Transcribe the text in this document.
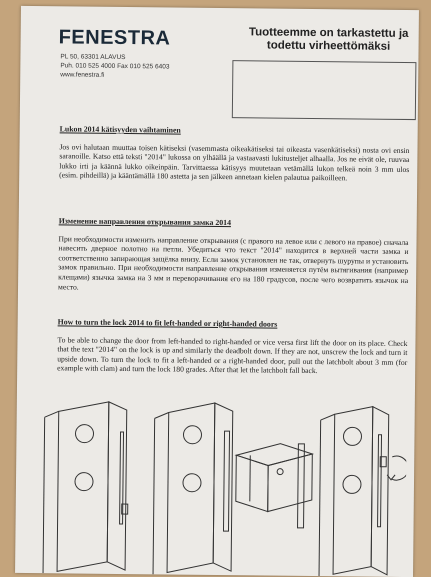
FENESTRA
PL 50, 63301 ALAVUS
Puh. 010 525 4000 Fax 010 525 6403
www.fenestra.fi
Tuotteemme on tarkastettu ja
todettu virheettömäksi
Lukon 2014 kätisyyden vaihtaminen

Jos ovi halutaan muuttaa toisen kätiseksi (vasemmasta oikeakätiseksi tai oikeasta vasenkätiseksi) nosta ovi ensin saranoille. Katso että teksti "2014" lukossa on ylhäällä ja vastaavasti lukitusteljet alhaalla. Jos ne eivät ole, ruuvaa lukko irti ja käännä lukko oikeinpäin. Tarvittaessa kätisyys muutetaan vetämällä lukon telkeä noin 3 mm ulos (esim. pihdeillä) ja kääntämällä 180 astetta ja sen jälkeen annetaan kielen palautua paikoilleen.

Изменение направления открывания замка 2014

При необходимости изменить направление открывания (с правого на левое или с левого на правое) сначала навесить дверное полотно на петли. Убедиться что текст "2014" находится в верхней части замка и соответственно запирающая защёлка внизу. Если замок установлен не так, отвернуть шурупы и установить замок правильно. При необходимости направление открывания изменяется путём вытягивания (например клещами) язычка замка на 3 мм и переворачивания его на 180 градусов, после чего возвратить язычок на место.

How to turn the lock 2014 to fit left-handed or right-handed doors

To be able to change the door from left-handed to right-handed or vice versa first lift the door on its place. Check that the text "2014" on the lock is up and similarly the deadbolt down. If they are not, unscrew the lock and turn it upside down. To turn the lock to fit a left-handed or a right-handed door, pull out the latchbolt about 3 mm (for example with clam) and turn the lock 180 grades. After that let the latchbolt fall back.
